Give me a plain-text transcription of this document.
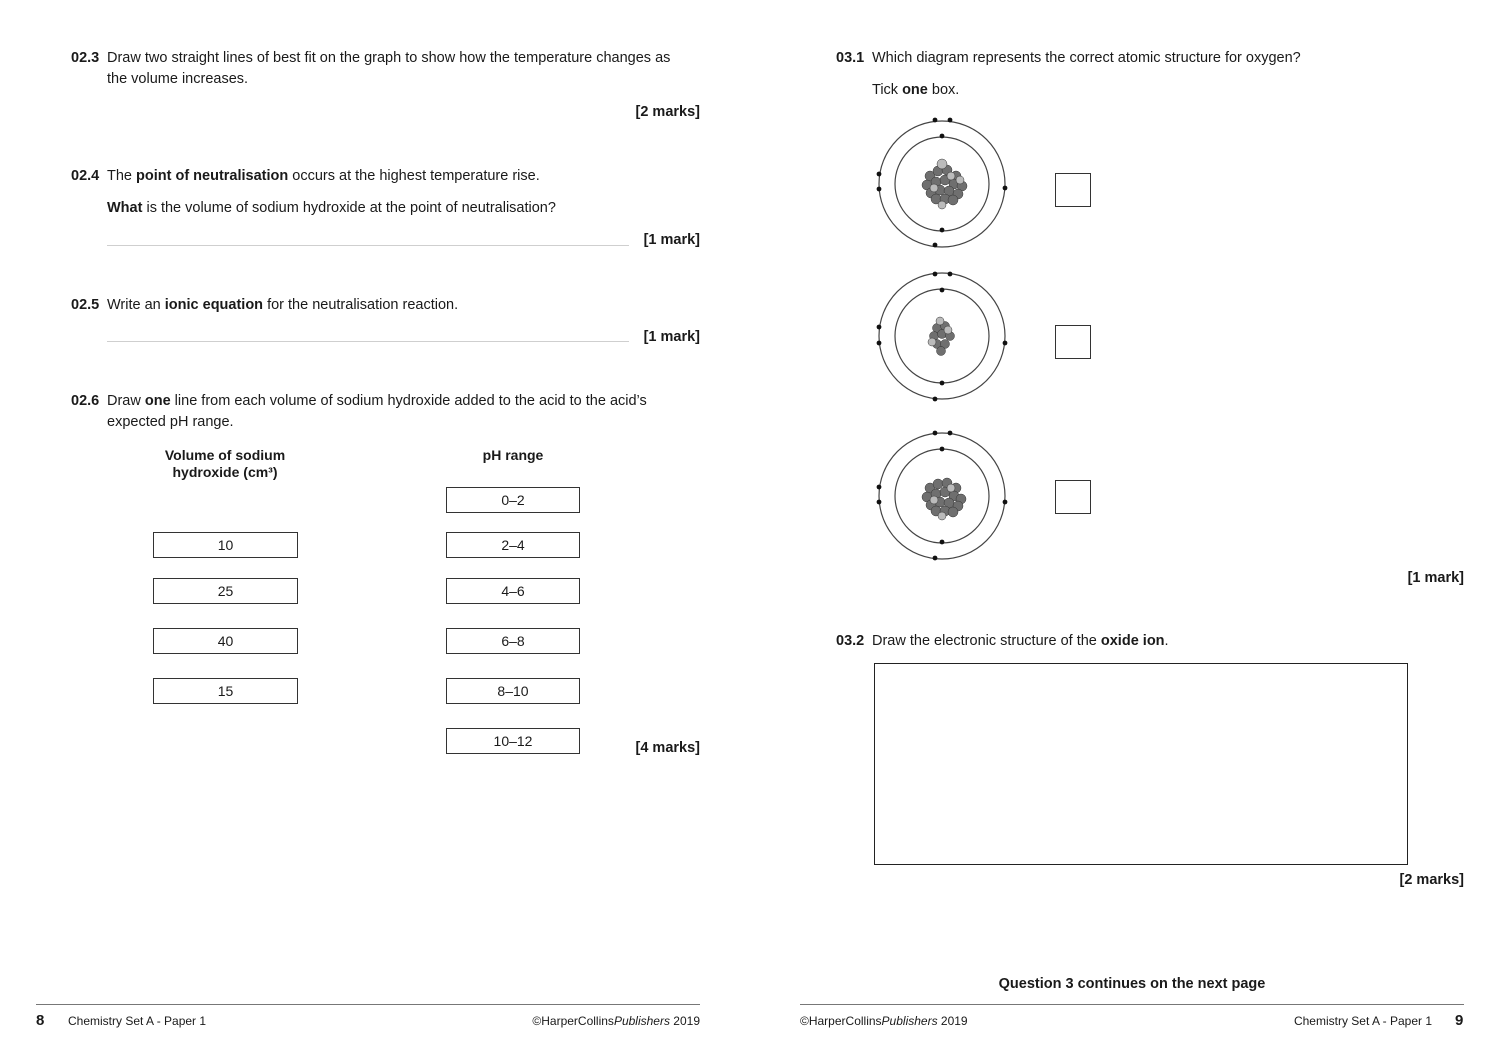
02.3 Draw two straight lines of best fit on the graph to show how the temperature changes as
the volume increases.
[2 marks]
02.4 The point of neutralisation occurs at the highest temperature rise.
What is the volume of sodium hydroxide at the point of neutralisation?
[1 mark]
02.5 Write an ionic equation for the neutralisation reaction.
[1 mark]
02.6 Draw one line from each volume of sodium hydroxide added to the acid to the acid’s
expected pH range.
Volume of sodium
hydroxide (cm³)
pH range
10
25
40
15
0–2
2–4
4–6
6–8
8–10
10–12	[4 marks]
8 Chemistry Set A - Paper 1	©HarperCollinsPublishers 2019
03.1 Which diagram represents the correct atomic structure for oxygen?
Tick one box.
[1 mark]
03.2 Draw the electronic structure of the oxide ion.
[2 marks]
Question 3 continues on the next page
©HarperCollinsPublishers 2019	Chemistry Set A - Paper 1 9
